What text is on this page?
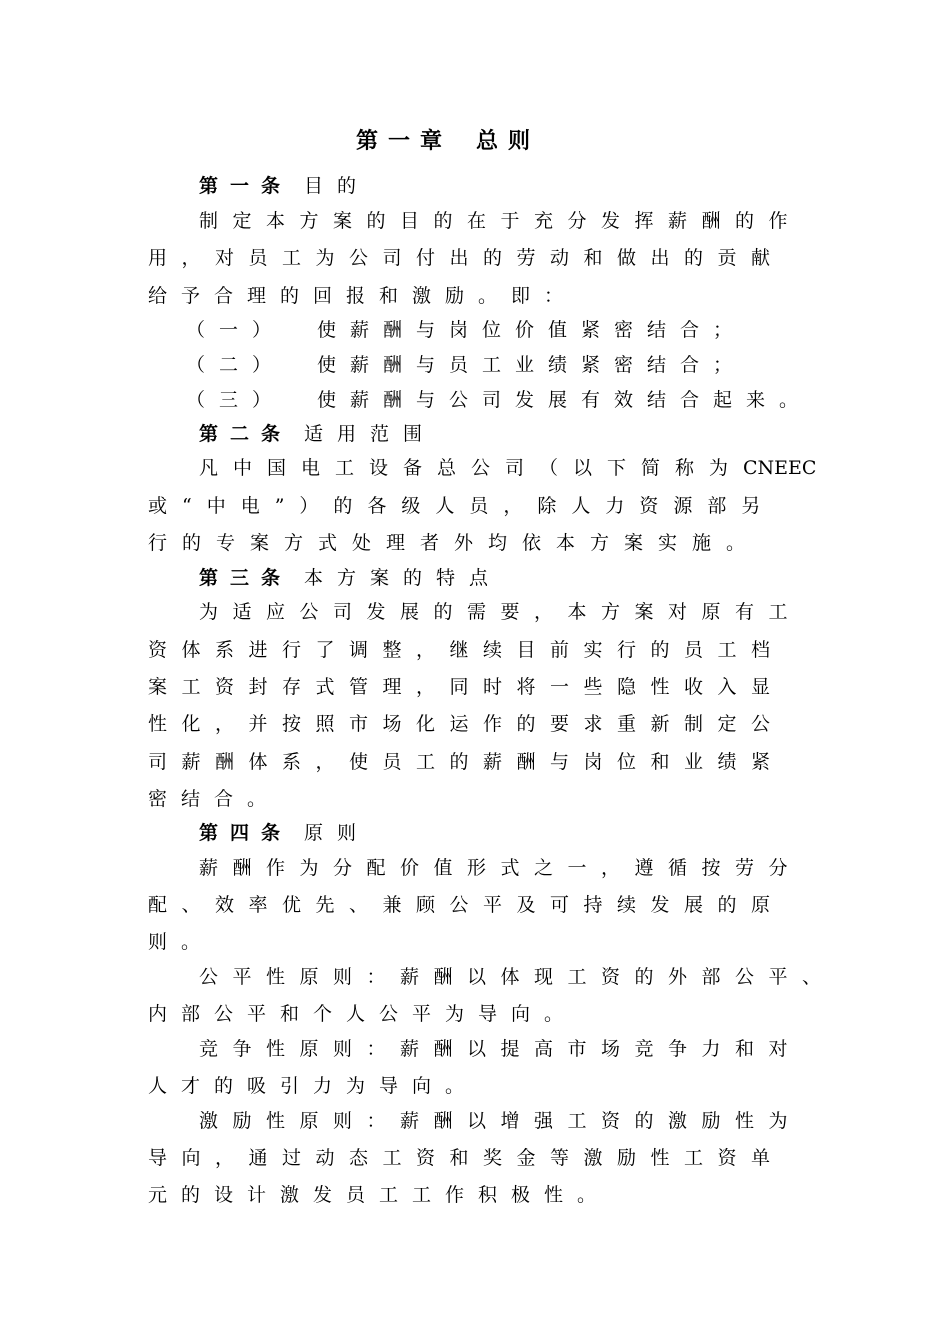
第一章 总则
第一条 目的
制定本方案的目的在于充分发挥薪酬的作
用，对员工为公司付出的劳动和做出的贡献
给予合理的回报和激励。即：
（一） 使薪酬与岗位价值紧密结合；
（二） 使薪酬与员工业绩紧密结合；
（三） 使薪酬与公司发展有效结合起来。
第二条 适用范围
凡中国电工设备总公司（以下简称为CNEEC
或“中电”）的各级人员，除人力资源部另
行的专案方式处理者外均依本方案实施。
第三条 本方案的特点
为适应公司发展的需要，本方案对原有工
资体系进行了调整，继续目前实行的员工档
案工资封存式管理，同时将一些隐性收入显
性化，并按照市场化运作的要求重新制定公
司薪酬体系，使员工的薪酬与岗位和业绩紧
密结合。
第四条 原则
薪酬作为分配价值形式之一，遵循按劳分
配、效率优先、兼顾公平及可持续发展的原
则。
公平性原则：薪酬以体现工资的外部公平、
内部公平和个人公平为导向。
竞争性原则：薪酬以提高市场竞争力和对
人才的吸引力为导向。
激励性原则：薪酬以增强工资的激励性为
导向，通过动态工资和奖金等激励性工资单
元的设计激发员工工作积极性。
